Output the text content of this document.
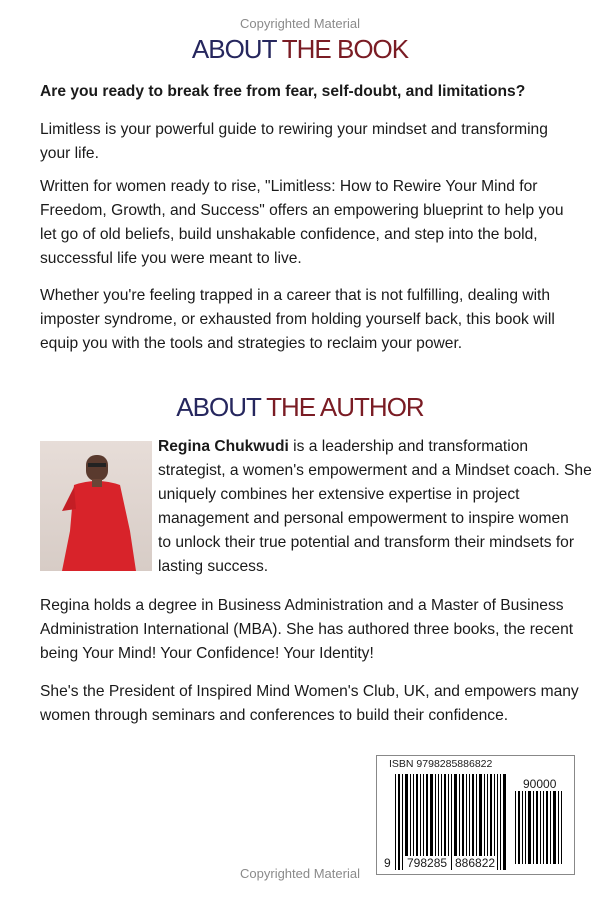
Copyrighted Material
ABOUT THE BOOK
Are you ready to break free from fear, self-doubt, and limitations?
Limitless is your powerful guide to rewiring your mindset and transforming
your life.
Written for women ready to rise, "Limitless: How to Rewire Your Mind for
Freedom, Growth, and Success" offers an empowering blueprint to help you
let go of old beliefs, build unshakable confidence, and step into the bold,
successful life you were meant to live.
Whether you're feeling trapped in a career that is not fulfilling, dealing with
imposter syndrome, or exhausted from holding yourself back, this book will
equip you with the tools and strategies to reclaim your power.
ABOUT THE AUTHOR
Regina Chukwudi is a leadership and transformation
strategist, a women's empowerment and a Mindset coach. She
uniquely combines her extensive expertise in project
management and personal empowerment to inspire women
to unlock their true potential and transform their mindsets for
lasting success.
Regina holds a degree in Business Administration and a Master of Business
Administration International (MBA). She has authored three books, the recent
being Your Mind! Your Confidence! Your Identity!
She's the President of Inspired Mind Women's Club, UK, and empowers many
women through seminars and conferences to build their confidence.
ISBN 9798285886822
90000
9 798285 886822
Copyrighted Material
